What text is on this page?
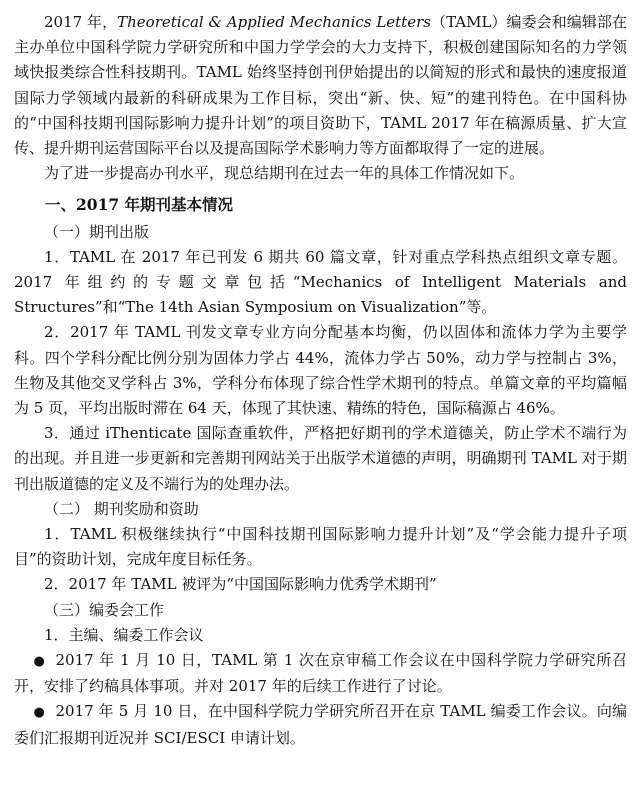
2017 年，Theoretical & Applied Mechanics Letters（TAML）编委会和编辑部在主办单位中国科学院力学研究所和中国力学学会的大力支持下，积极创建国际知名的力学领域快报类综合性科技期刊。TAML 始终坚持创刊伊始提出的以简短的形式和最快的速度报道国际力学领域内最新的科研成果为工作目标，突出“新、快、短”的建刊特色。在中国科协的“中国科技期刊国际影响力提升计划”的项目资助下，TAML 2017 年在稿源质量、扩大宣传、提升期刊运营国际平台以及提高国际学术影响力等方面都取得了一定的进展。

为了进一步提高办刊水平，现总结期刊在过去一年的具体工作情况如下。

一、2017 年期刊基本情况

（一）期刊出版

1．TAML 在 2017 年已刊发 6 期共 60 篇文章，针对重点学科热点组织文章专题。2017 年组约的专题文章包括“Mechanics of Intelligent Materials and Structures”和“The 14th Asian Symposium on Visualization”等。

2．2017 年 TAML 刊发文章专业方向分配基本均衡，仍以固体和流体力学为主要学科。四个学科分配比例分别为固体力学占 44%，流体力学占 50%，动力学与控制占 3%，生物及其他交叉学科占 3%，学科分布体现了综合性学术期刊的特点。单篇文章的平均篇幅为 5 页，平均出版时滞在 64 天，体现了其快速、精练的特色，国际稿源占 46%。

3．通过 iThenticate 国际查重软件，严格把好期刊的学术道德关，防止学术不端行为的出现。并且进一步更新和完善期刊网站关于出版学术道德的声明，明确期刊 TAML 对于期刊出版道德的定义及不端行为的处理办法。

（二） 期刊奖励和资助

1．TAML 积极继续执行“中国科技期刊国际影响力提升计划”及“学会能力提升子项目”的资助计划，完成年度目标任务。

2．2017 年 TAML 被评为“中国国际影响力优秀学术期刊”

（三）编委会工作

1．主编、编委工作会议

● 2017 年 1 月 10 日，TAML 第 1 次在京审稿工作会议在中国科学院力学研究所召开，安排了约稿具体事项。并对 2017 年的后续工作进行了讨论。

● 2017 年 5 月 10 日，在中国科学院力学研究所召开在京 TAML 编委工作会议。向编委们汇报期刊近况并 SCI/ESCI 申请计划。
